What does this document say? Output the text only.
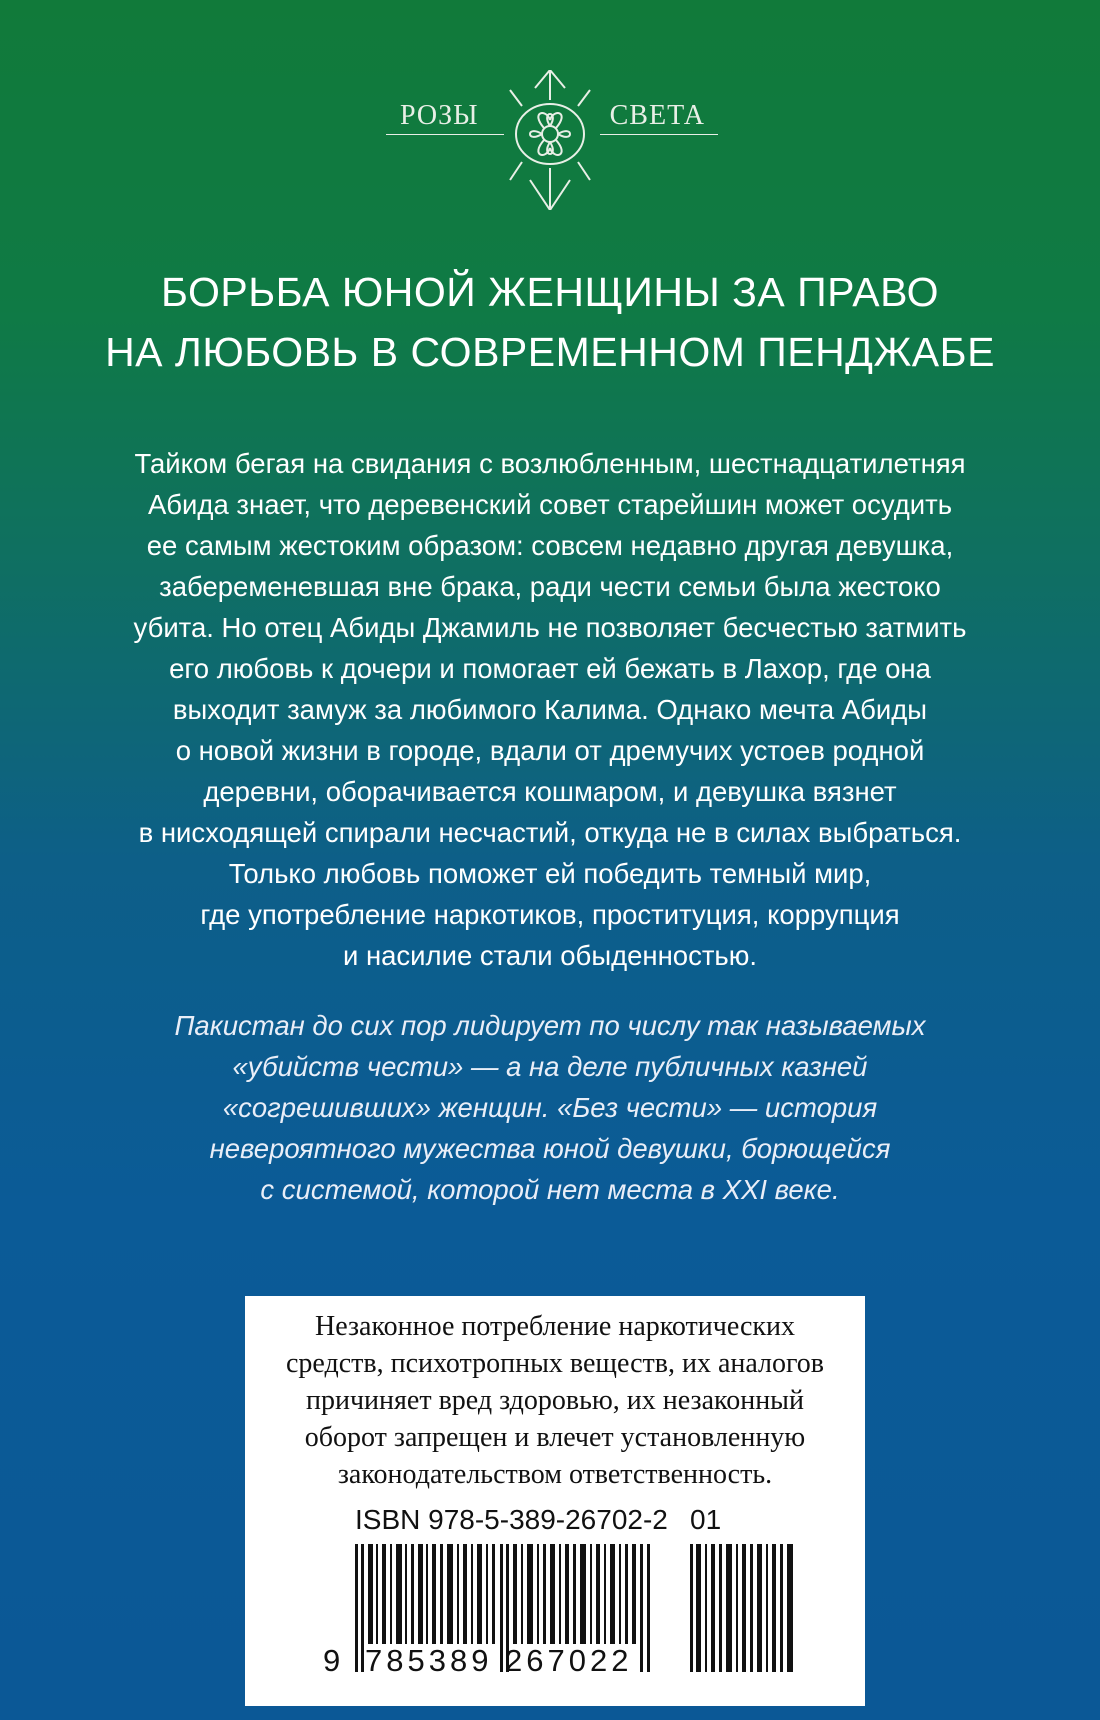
РОЗЫ	СВЕТА
БОРЬБА ЮНОЙ ЖЕНЩИНЫ ЗА ПРАВО
НА ЛЮБОВЬ В СОВРЕМЕННОМ ПЕНДЖАБЕ
Тайком бегая на свидания с возлюбленным, шестнадцатилетняя
Абида знает, что деревенский совет старейшин может осудить
ее самым жестоким образом: совсем недавно другая девушка,
забеременевшая вне брака, ради чести семьи была жестоко
убита. Но отец Абиды Джамиль не позволяет бесчестью затмить
его любовь к дочери и помогает ей бежать в Лахор, где она
выходит замуж за любимого Калима. Однако мечта Абиды
о новой жизни в городе, вдали от дремучих устоев родной
деревни, оборачивается кошмаром, и девушка вязнет
в нисходящей спирали несчастий, откуда не в силах выбраться.
Только любовь поможет ей победить темный мир,
где употребление наркотиков, проституция, коррупция
и насилие стали обыденностью.
Пакистан до сих пор лидирует по числу так называемых
«убийств чести» — а на деле публичных казней
«согрешивших» женщин. «Без чести» — история
невероятного мужества юной девушки, борющейся
с системой, которой нет места в XXI веке.
Незаконное потребление наркотических
средств, психотропных веществ, их аналогов
причиняет вред здоровью, их незаконный
оборот запрещен и влечет установленную
законодательством ответственность.
ISBN 978-5-389-26702-2 01
9 785389 267022
